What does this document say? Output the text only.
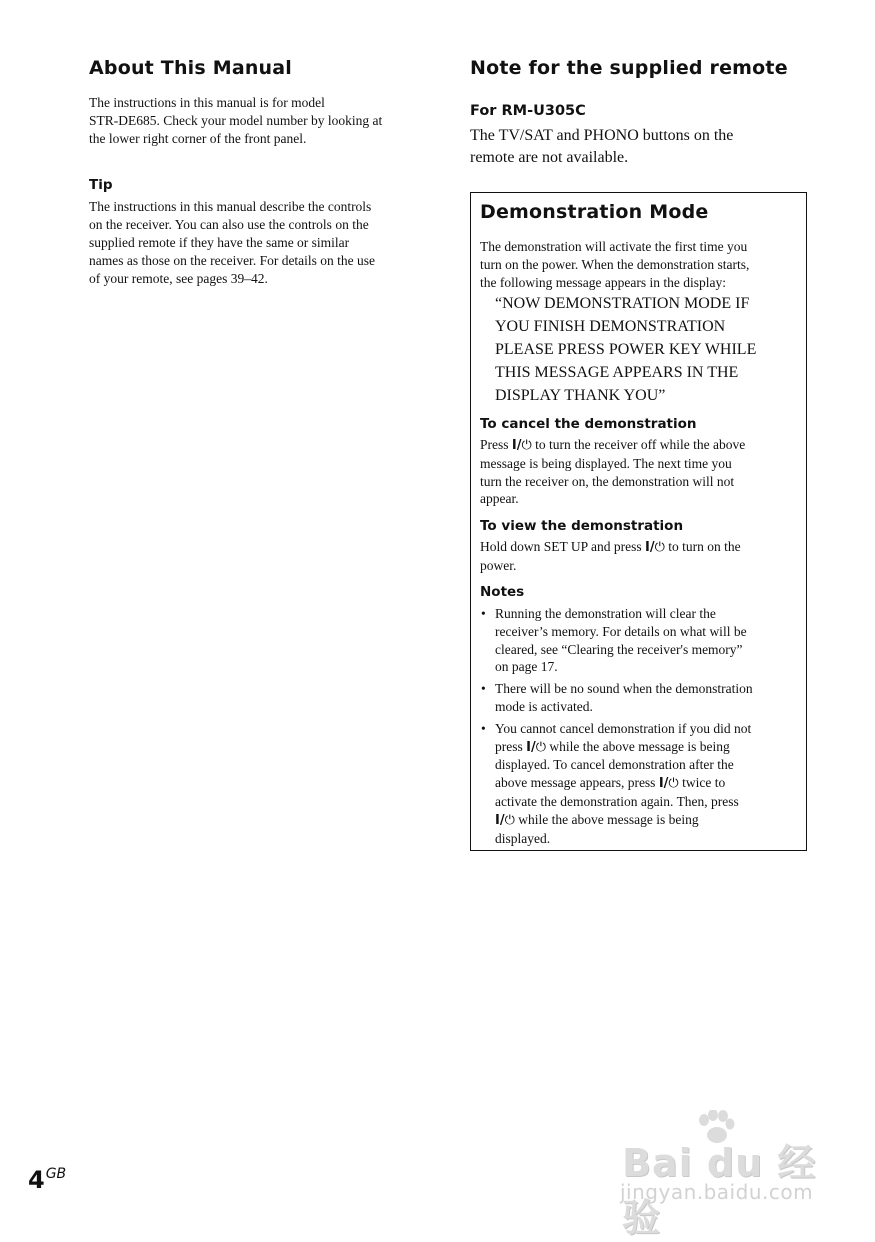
About This Manual
The instructions in this manual is for model
STR-DE685. Check your model number by looking at
the lower right corner of the front panel.
Tip
The instructions in this manual describe the controls
on the receiver. You can also use the controls on the
supplied remote if they have the same or similar
names as those on the receiver. For details on the use
of your remote, see pages 39–42.
Note for the supplied remote
For RM-U305C
The TV/SAT and PHONO buttons on the
remote are not available.
Demonstration Mode
The demonstration will activate the first time you
turn on the power. When the demonstration starts,
the following message appears in the display:
“NOW DEMONSTRATION MODE IF
YOU FINISH DEMONSTRATION
PLEASE PRESS POWER KEY WHILE
THIS MESSAGE APPEARS IN THE
DISPLAY THANK YOU”
To cancel the demonstration
Press I/⏻ to turn the receiver off while the above
message is being displayed. The next time you
turn the receiver on, the demonstration will not
appear.
To view the demonstration
Hold down SET UP and press I/⏻ to turn on the
power.
Notes
• Running the demonstration will clear the
receiver’s memory. For details on what will be
cleared, see “Clearing the receiver's memory”
on page 17.
• There will be no sound when the demonstration
mode is activated.
• You cannot cancel demonstration if you did not
press I/⏻ while the above message is being
displayed. To cancel demonstration after the
above message appears, press I/⏻ twice to
activate the demonstration again. Then, press
I/⏻ while the above message is being
displayed.
$4^{GB}$	Bai du 经验
jingyan.baidu.com
